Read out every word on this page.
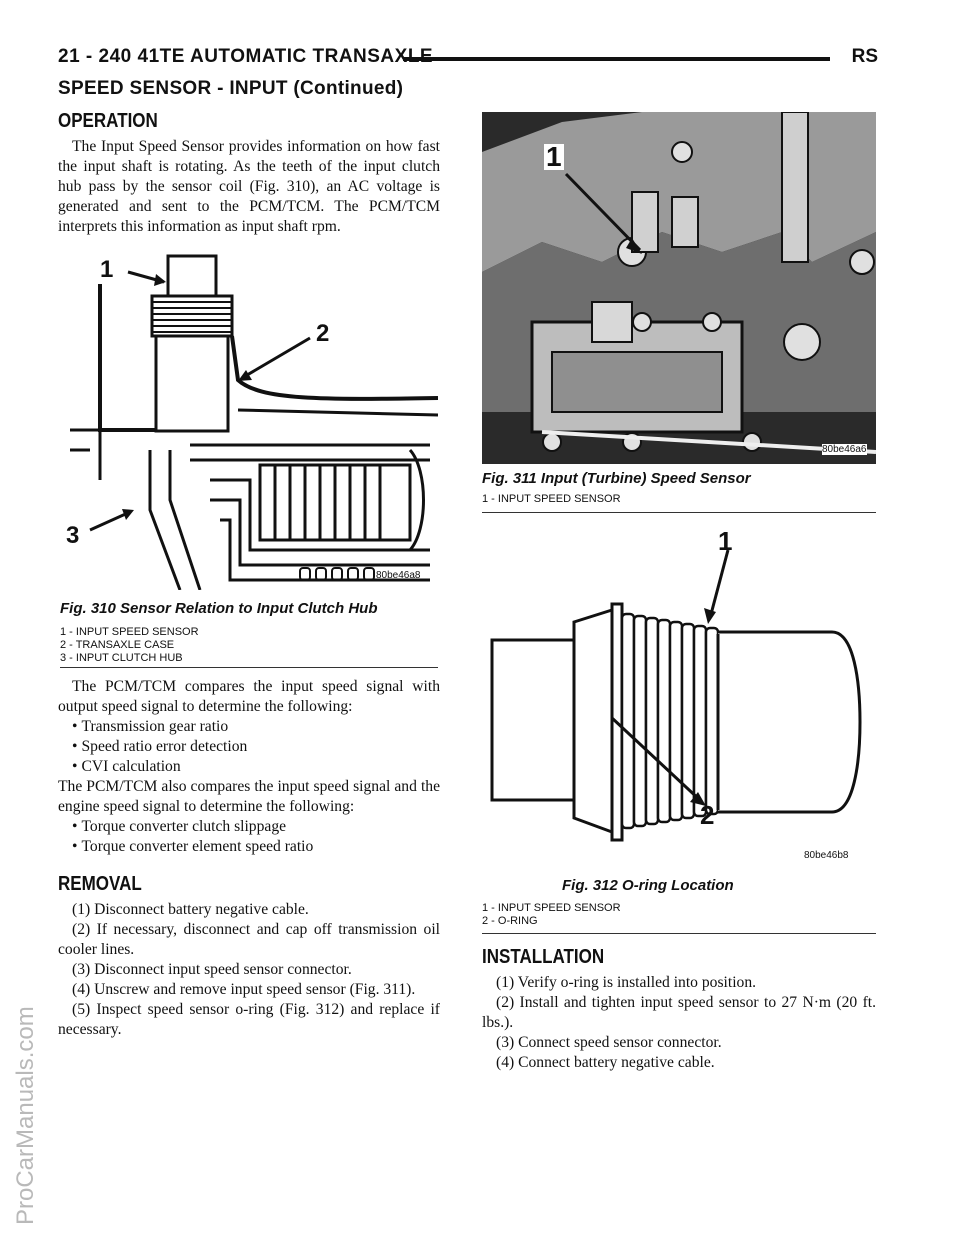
21 - 240 41TE AUTOMATIC TRANSAXLE	RS
SPEED SENSOR - INPUT (Continued)
OPERATION

The Input Speed Sensor provides information on how fast the input shaft is rotating. As the teeth of the input clutch hub pass by the sensor coil (Fig. 310), an AC voltage is generated and sent to the PCM/TCM. The PCM/TCM interprets this information as input shaft rpm.

1
2
3
80be46a8
Fig. 310 Sensor Relation to Input Clutch Hub
1 - INPUT SPEED SENSOR
2 - TRANSAXLE CASE
3 - INPUT CLUTCH HUB

The PCM/TCM compares the input speed signal with output speed signal to determine the following:

• Transmission gear ratio

• Speed ratio error detection

• CVI calculation

The PCM/TCM also compares the input speed signal and the engine speed signal to determine the following:

• Torque converter clutch slippage

• Torque converter element speed ratio

REMOVAL

(1) Disconnect battery negative cable.

(2) If necessary, disconnect and cap off transmission oil cooler lines.

(3) Disconnect input speed sensor connector.

(4) Unscrew and remove input speed sensor (Fig. 311).

(5) Inspect speed sensor o-ring (Fig. 312) and replace if necessary.

1
80be46a6
Fig. 311 Input (Turbine) Speed Sensor
1 - INPUT SPEED SENSOR
1
2
80be46b8
Fig. 312 O-ring Location
1 - INPUT SPEED SENSOR
2 - O-RING
INSTALLATION

(1) Verify o-ring is installed into position.

(2) Install and tighten input speed sensor to 27 N·m (20 ft. lbs.).

(3) Connect speed sensor connector.

(4) Connect battery negative cable.

ProCarManuals.com
